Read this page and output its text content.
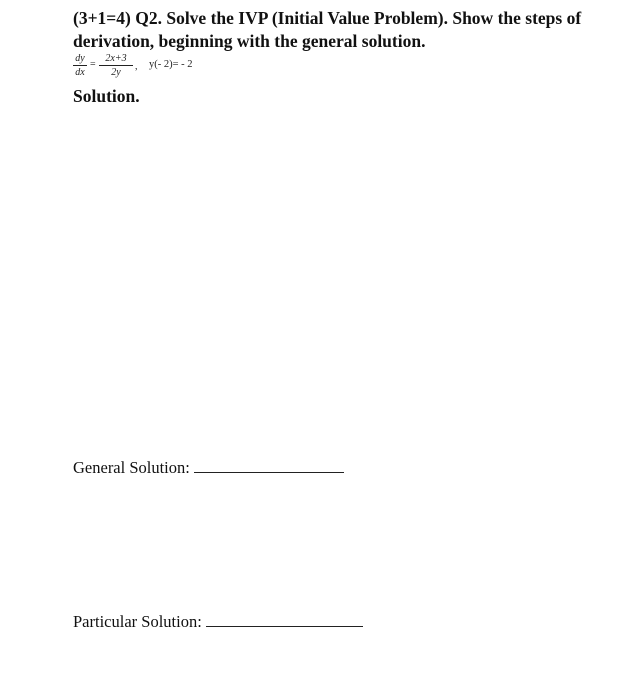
(3+1=4) Q2. Solve the IVP (Initial Value Problem). Show the steps of derivation, beginning with the general solution.

dy
dx
=
2x+3
2y
, y(- 2)= - 2

Solution.

General Solution:
Particular Solution:
